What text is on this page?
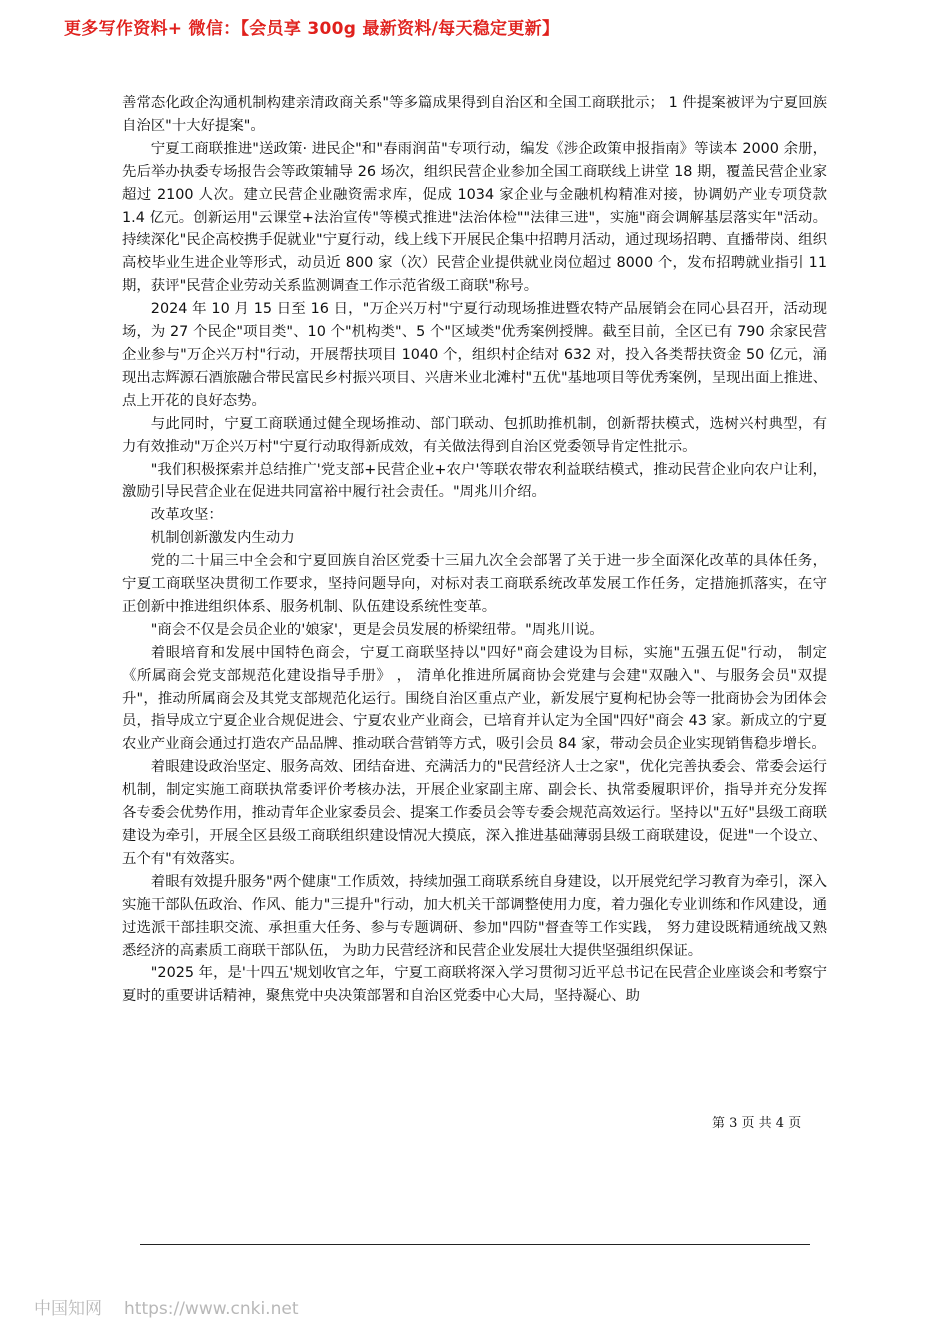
更多写作资料+ 微信：【会员享 300g 最新资料/每天稳定更新】

善常态化政企沟通机制构建亲清政商关系"等多篇成果得到自治区和全国工商联批示； 1 件提案被评为宁夏回族自治区"十大好提案"。

宁夏工商联推进"送政策· 进民企"和"春雨润苗"专项行动，编发《涉企政策申报指南》等读本 2000 余册，先后举办执委专场报告会等政策辅导 26 场次，组织民营企业参加全国工商联线上讲堂 18 期，覆盖民营企业家超过 2100 人次。建立民营企业融资需求库，促成 1034 家企业与金融机构精准对接，协调奶产业专项贷款 1.4 亿元。创新运用"云课堂+法治宣传"等模式推进"法治体检""法律三进"，实施"商会调解基层落实年"活动。持续深化"民企高校携手促就业"宁夏行动，线上线下开展民企集中招聘月活动，通过现场招聘、直播带岗、组织高校毕业生进企业等形式，动员近 800 家（次）民营企业提供就业岗位超过 8000 个，发布招聘就业指引 11 期，获评"民营企业劳动关系监测调查工作示范省级工商联"称号。

2024 年 10 月 15 日至 16 日，"万企兴万村"宁夏行动现场推进暨农特产品展销会在同心县召开，活动现场，为 27 个民企"项目类"、10 个"机构类"、5 个"区域类"优秀案例授牌。截至目前，全区已有 790 余家民营企业参与"万企兴万村"行动，开展帮扶项目 1040 个，组织村企结对 632 对，投入各类帮扶资金 50 亿元，涌现出志辉源石酒旅融合带民富民乡村振兴项目、兴唐米业北滩村"五优"基地项目等优秀案例，呈现出面上推进、点上开花的良好态势。

与此同时，宁夏工商联通过健全现场推动、部门联动、包抓助推机制，创新帮扶模式，选树兴村典型，有力有效推动"万企兴万村"宁夏行动取得新成效，有关做法得到自治区党委领导肯定性批示。

"我们积极探索并总结推广'党支部+民营企业+农户'等联农带农利益联结模式，推动民营企业向农户让利，激励引导民营企业在促进共同富裕中履行社会责任。"周兆川介绍。

改革攻坚：

机制创新激发内生动力

党的二十届三中全会和宁夏回族自治区党委十三届九次全会部署了关于进一步全面深化改革的具体任务，宁夏工商联坚决贯彻工作要求，坚持问题导向，对标对表工商联系统改革发展工作任务，定措施抓落实，在守正创新中推进组织体系、服务机制、队伍建设系统性变革。

"商会不仅是会员企业的'娘家'，更是会员发展的桥梁纽带。"周兆川说。

着眼培育和发展中国特色商会，宁夏工商联坚持以"四好"商会建设为目标，实施"五强五促"行动， 制定 《所属商会党支部规范化建设指导手册》 ， 清单化推进所属商协会党建与会建"双融入"、与服务会员"双提升"，推动所属商会及其党支部规范化运行。围绕自治区重点产业，新发展宁夏枸杞协会等一批商协会为团体会员，指导成立宁夏企业合规促进会、宁夏农业产业商会，已培育并认定为全国"四好"商会 43 家。新成立的宁夏农业产业商会通过打造农产品品牌、推动联合营销等方式，吸引会员 84 家，带动会员企业实现销售稳步增长。

着眼建设政治坚定、服务高效、团结奋进、充满活力的"民营经济人士之家"，优化完善执委会、常委会运行机制，制定实施工商联执常委评价考核办法，开展企业家副主席、副会长、执常委履职评价，指导并充分发挥各专委会优势作用，推动青年企业家委员会、提案工作委员会等专委会规范高效运行。坚持以"五好"县级工商联建设为牵引，开展全区县级工商联组织建设情况大摸底，深入推进基础薄弱县级工商联建设，促进"一个设立、五个有"有效落实。

着眼有效提升服务"两个健康"工作质效，持续加强工商联系统自身建设，以开展党纪学习教育为牵引，深入实施干部队伍政治、作风、能力"三提升"行动，加大机关干部调整使用力度，着力强化专业训练和作风建设，通过选派干部挂职交流、承担重大任务、参与专题调研、参加"四防"督查等工作实践， 努力建设既精通统战又熟悉经济的高素质工商联干部队伍， 为助力民营经济和民营企业发展壮大提供坚强组织保证。

"2025 年，是'十四五'规划收官之年，宁夏工商联将深入学习贯彻习近平总书记在民营企业座谈会和考察宁夏时的重要讲话精神，聚焦党中央决策部署和自治区党委中心大局，坚持凝心、助

第 3 页 共 4 页
中国知网 https://www.cnki.net
